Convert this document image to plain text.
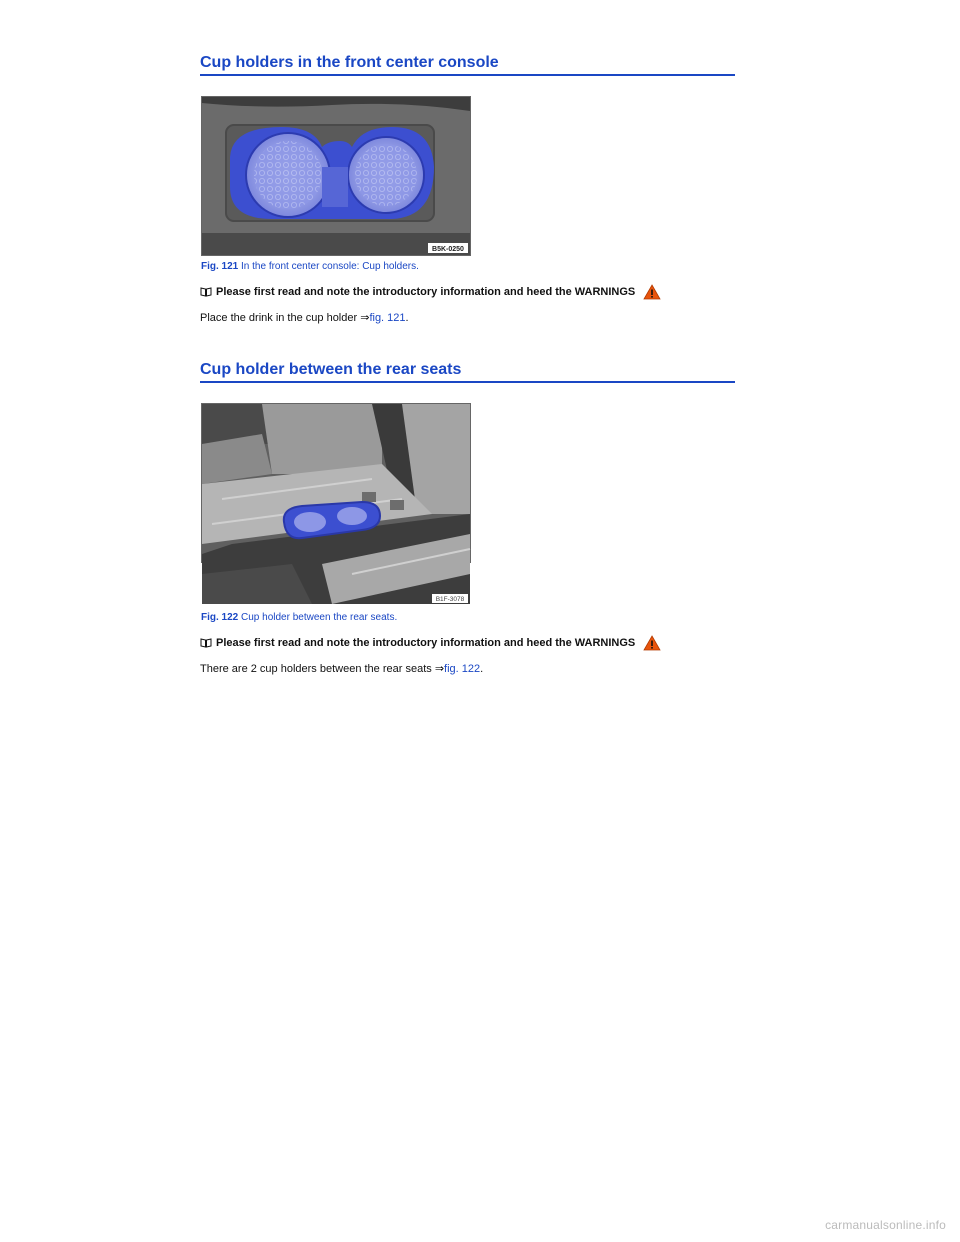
Cup holders in the front center console
B5K-0250
Fig. 121 In the front center console: Cup holders.
Please first read and note the introductory information and heed the WARNINGS
Place the drink in the cup holder ⇒fig. 121.
Cup holder between the rear seats
B1F-3078
Fig. 122 Cup holder between the rear seats.
Please first read and note the introductory information and heed the WARNINGS
There are 2 cup holders between the rear seats ⇒fig. 122.
carmanualsonline.info
